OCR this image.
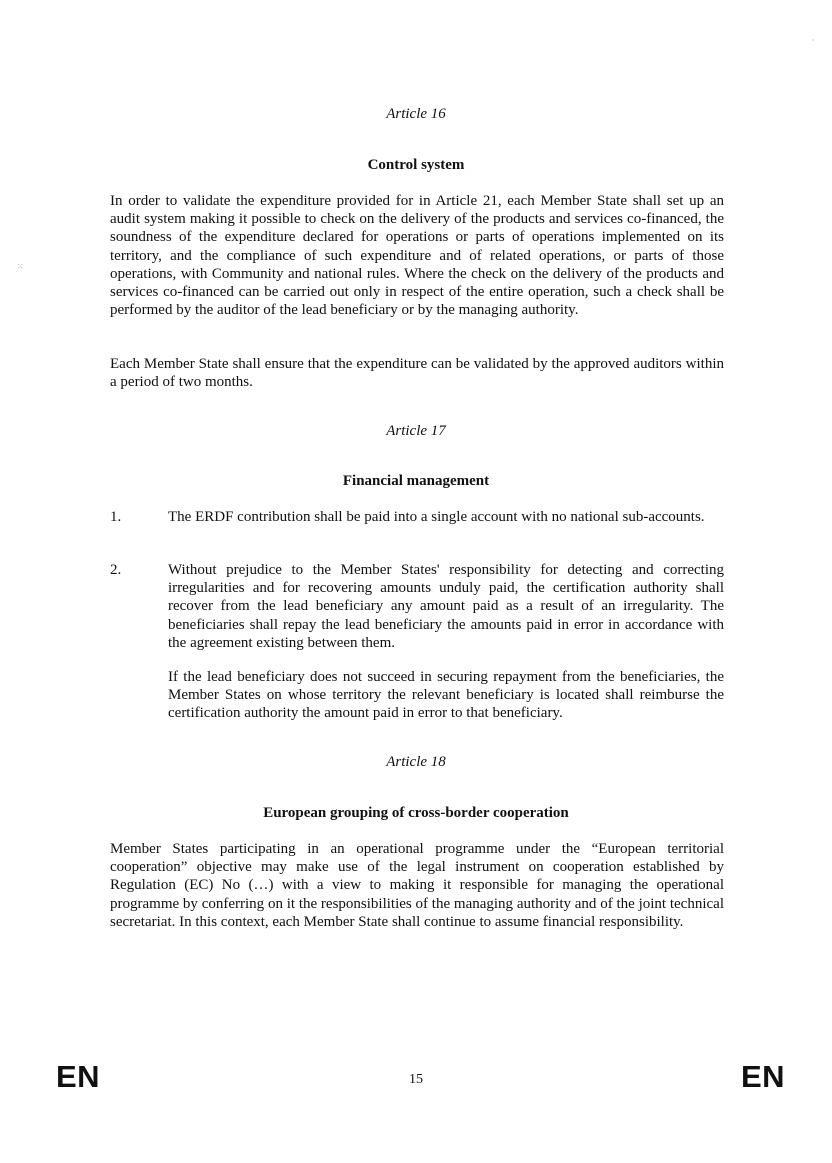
⁙
·
Article 16
Control system

In order to validate the expenditure provided for in Article 21, each Member State shall set up an audit system making it possible to check on the delivery of the products and services co-financed, the soundness of the expenditure declared for operations or parts of operations implemented on its territory, and the compliance of such expenditure and of related operations, or parts of those operations, with Community and national rules. Where the check on the delivery of the products and services co-financed can be carried out only in respect of the entire operation, such a check shall be performed by the auditor of the lead beneficiary or by the managing authority.

Each Member State shall ensure that the expenditure can be validated by the approved auditors within a period of two months.

Article 17
Financial management
1.	The ERDF contribution shall be paid into a single account with no national sub-accounts.

2.	Without prejudice to the Member States' responsibility for detecting and correcting irregularities and for recovering amounts unduly paid, the certification authority shall recover from the lead beneficiary any amount paid as a result of an irregularity. The beneficiaries shall repay the lead beneficiary the amounts paid in error in accordance with the agreement existing between them.

If the lead beneficiary does not succeed in securing repayment from the beneficiaries, the Member States on whose territory the relevant beneficiary is located shall reimburse the certification authority the amount paid in error to that beneficiary.

Article 18
European grouping of cross-border cooperation

Member States participating in an operational programme under the “European territorial cooperation” objective may make use of the legal instrument on cooperation established by Regulation (EC) No (…) with a view to making it responsible for managing the operational programme by conferring on it the responsibilities of the managing authority and of the joint technical secretariat. In this context, each Member State shall continue to assume financial responsibility.

EN	15	EN
